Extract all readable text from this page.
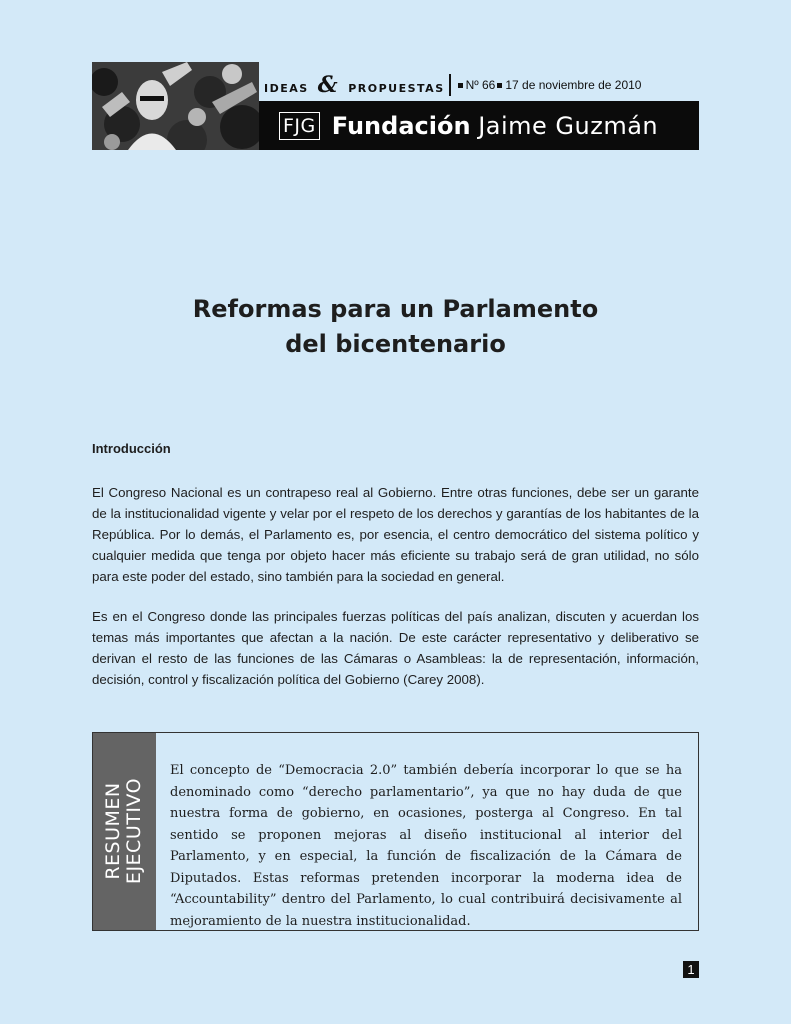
ideas & propuestas Nº 66 17 de noviembre de 2010
FJG Fundación Jaime Guzmán
Reformas para un Parlamento
del bicentenario
Introducción

El Congreso Nacional es un contrapeso real al Gobierno. Entre otras funciones, debe ser un garante de la institucionalidad vigente y velar por el respeto de los derechos y garantías de los habitantes de la República. Por lo demás, el Parlamento es, por esencia, el centro democrático del sistema político y cualquier medida que tenga por objeto hacer más eficiente su trabajo será de gran utilidad, no sólo para este poder del estado, sino también para la sociedad en general.

Es en el Congreso donde las principales fuerzas políticas del país analizan, discuten y acuerdan los temas más importantes que afectan a la nación. De este carácter representativo y deliberativo se derivan el resto de las funciones de las Cámaras o Asambleas: la de representación, información, decisión, control y fiscalización política del Gobierno (Carey 2008).

RESUMEN EJECUTIVO

El concepto de “Democracia 2.0” también debería incorporar lo que se ha denominado como “derecho parlamentario”, ya que no hay duda de que nuestra forma de gobierno, en ocasiones, posterga al Congreso. En tal sentido se proponen mejoras al diseño institucional al interior del Parlamento, y en especial, la función de fiscalización de la Cámara de Diputados. Estas reformas pretenden incorporar la moderna idea de “Accountability” dentro del Parlamento, lo cual contribuirá decisivamente al mejoramiento de la nuestra institucionalidad.

1
